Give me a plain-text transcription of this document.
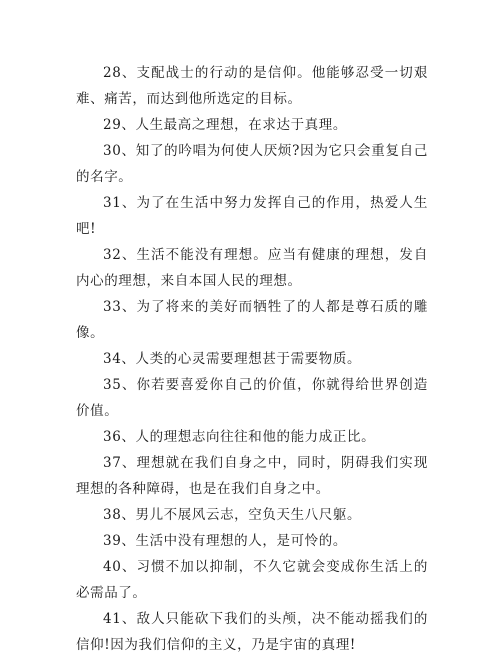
28、支配战士的行动的是信仰。他能够忍受一切艰难、痛苦，而达到他所选定的目标。

29、人生最高之理想，在求达于真理。

30、知了的吟唱为何使人厌烦?因为它只会重复自己的名字。

31、为了在生活中努力发挥自己的作用，热爱人生吧!

32、生活不能没有理想。应当有健康的理想，发自内心的理想，来自本国人民的理想。

33、为了将来的美好而牺牲了的人都是尊石质的雕像。

34、人类的心灵需要理想甚于需要物质。

35、你若要喜爱你自己的价值，你就得给世界创造价值。

36、人的理想志向往往和他的能力成正比。

37、理想就在我们自身之中，同时，阴碍我们实现理想的各种障碍，也是在我们自身之中。

38、男儿不展风云志，空负天生八尺躯。

39、生活中没有理想的人，是可怜的。

40、习惯不加以抑制，不久它就会变成你生活上的必需品了。

41、敌人只能砍下我们的头颅，决不能动摇我们的信仰!因为我们信仰的主义，乃是宇宙的真理!
